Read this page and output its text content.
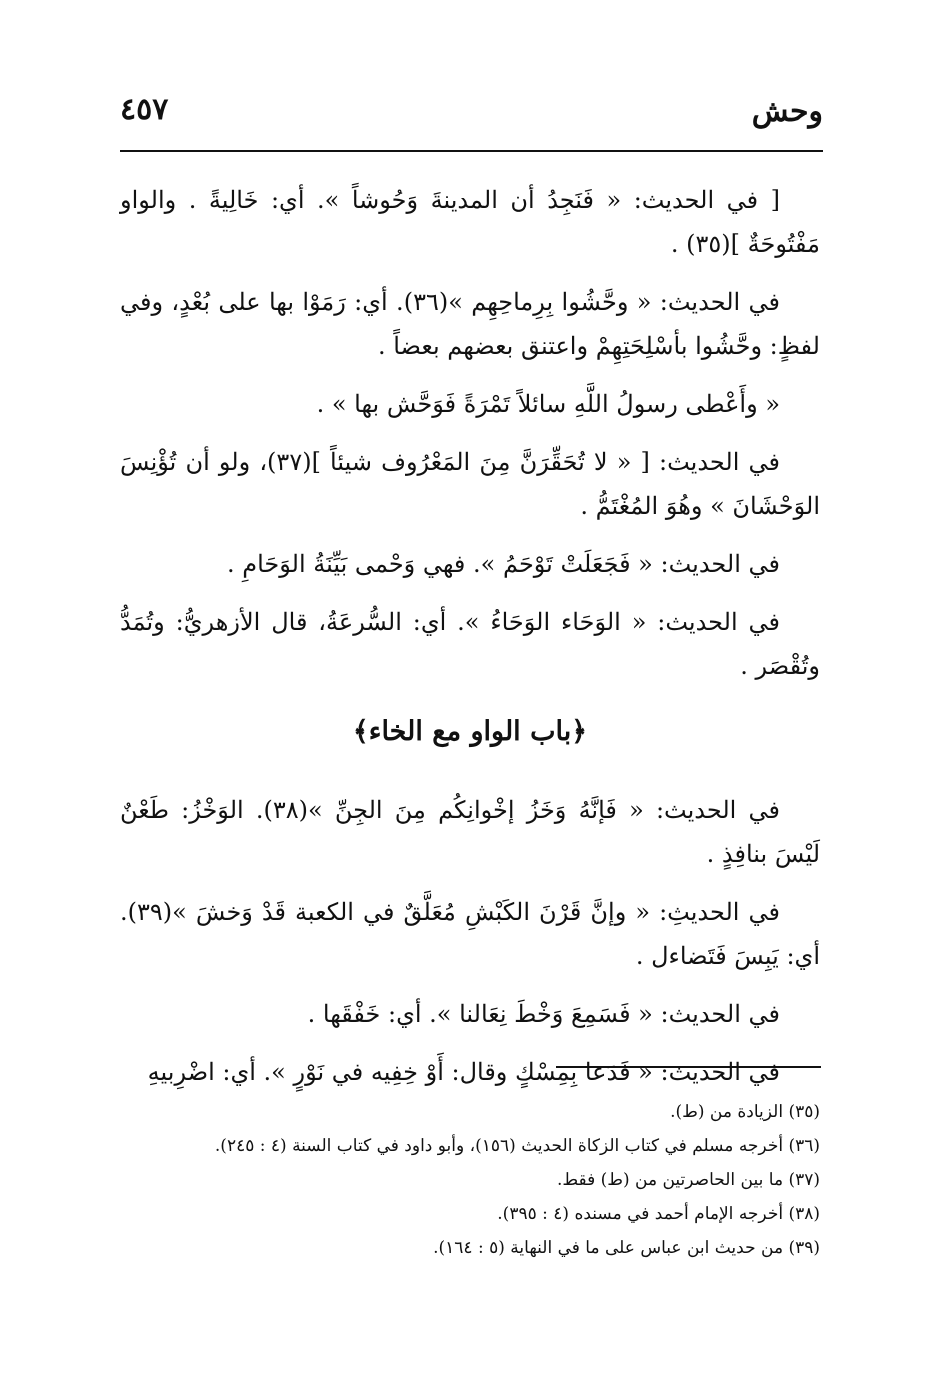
وحش
٤٥٧

[ في الحديث: « فَنَجِدُ أن المدينةَ وَحُوشاً ». أي: خَالِيةً . والواو مَفْتُوحَةٌ ](٣٥) .

في الحديث: « وحَّشُوا بِرِماحِهِم »(٣٦). أي: رَمَوْا بها على بُعْدٍ، وفي لفظٍ: وحَّشُوا بأسْلِحَتِهِمْ واعتنق بعضهم بعضاً .

« وأَعْطى رسولُ اللَّهِ سائلاً تَمْرَةً فَوَحَّش بها » .

في الحديث: [ « لا تُحَقِّرَنَّ مِنَ المَعْرُوف شيئاً ](٣٧)، ولو أن تُؤْنِسَ الوَحْشَانَ » وهُوَ المُغْتَمُّ .

في الحديث: « فَجَعَلَتْ تَوْحَمُ ». فهي وَحْمى بَيِّنَةُ الوَحَامِ .

في الحديث: « الوَحَاء الوَحَاءُ ». أي: السُّرعَةُ، قال الأزهريُّ: وتُمَدُّ وتُقْصَر .

﴿باب الواو مع الخاء﴾

في الحديث: « فَإنَّهُ وَخَزُ إخْوانِكُم مِنَ الجِنِّ »(٣٨). الوَخْزُ: طَعْنٌ لَيْسَ بنافِذٍ .

في الحديثِ: « وإنَّ قَرْنَ الكَبْشِ مُعَلَّقٌ في الكعبة قَدْ وَخشَ »(٣٩). أي: يَبِسَ فَتَضاءل .

في الحديث: « فَسَمِعَ وَخْطَ نِعَالنا ». أي: خَفْقَها .

في الحديث: « فَدَعا بِمِسْكٍ وقال: أَوْ خِفِيه في نَوْرٍ ». أي: اضْرِبيهِ

(٣٥) الزيادة من (ط).

(٣٦) أخرجه مسلم في كتاب الزكاة الحديث (١٥٦)، وأبو داود في كتاب السنة (٤ : ٢٤٥).

(٣٧) ما بين الحاصرتين من (ط) فقط.

(٣٨) أخرجه الإمام أحمد في مسنده (٤ : ٣٩٥).

(٣٩) من حديث ابن عباس على ما في النهاية (٥ : ١٦٤).
